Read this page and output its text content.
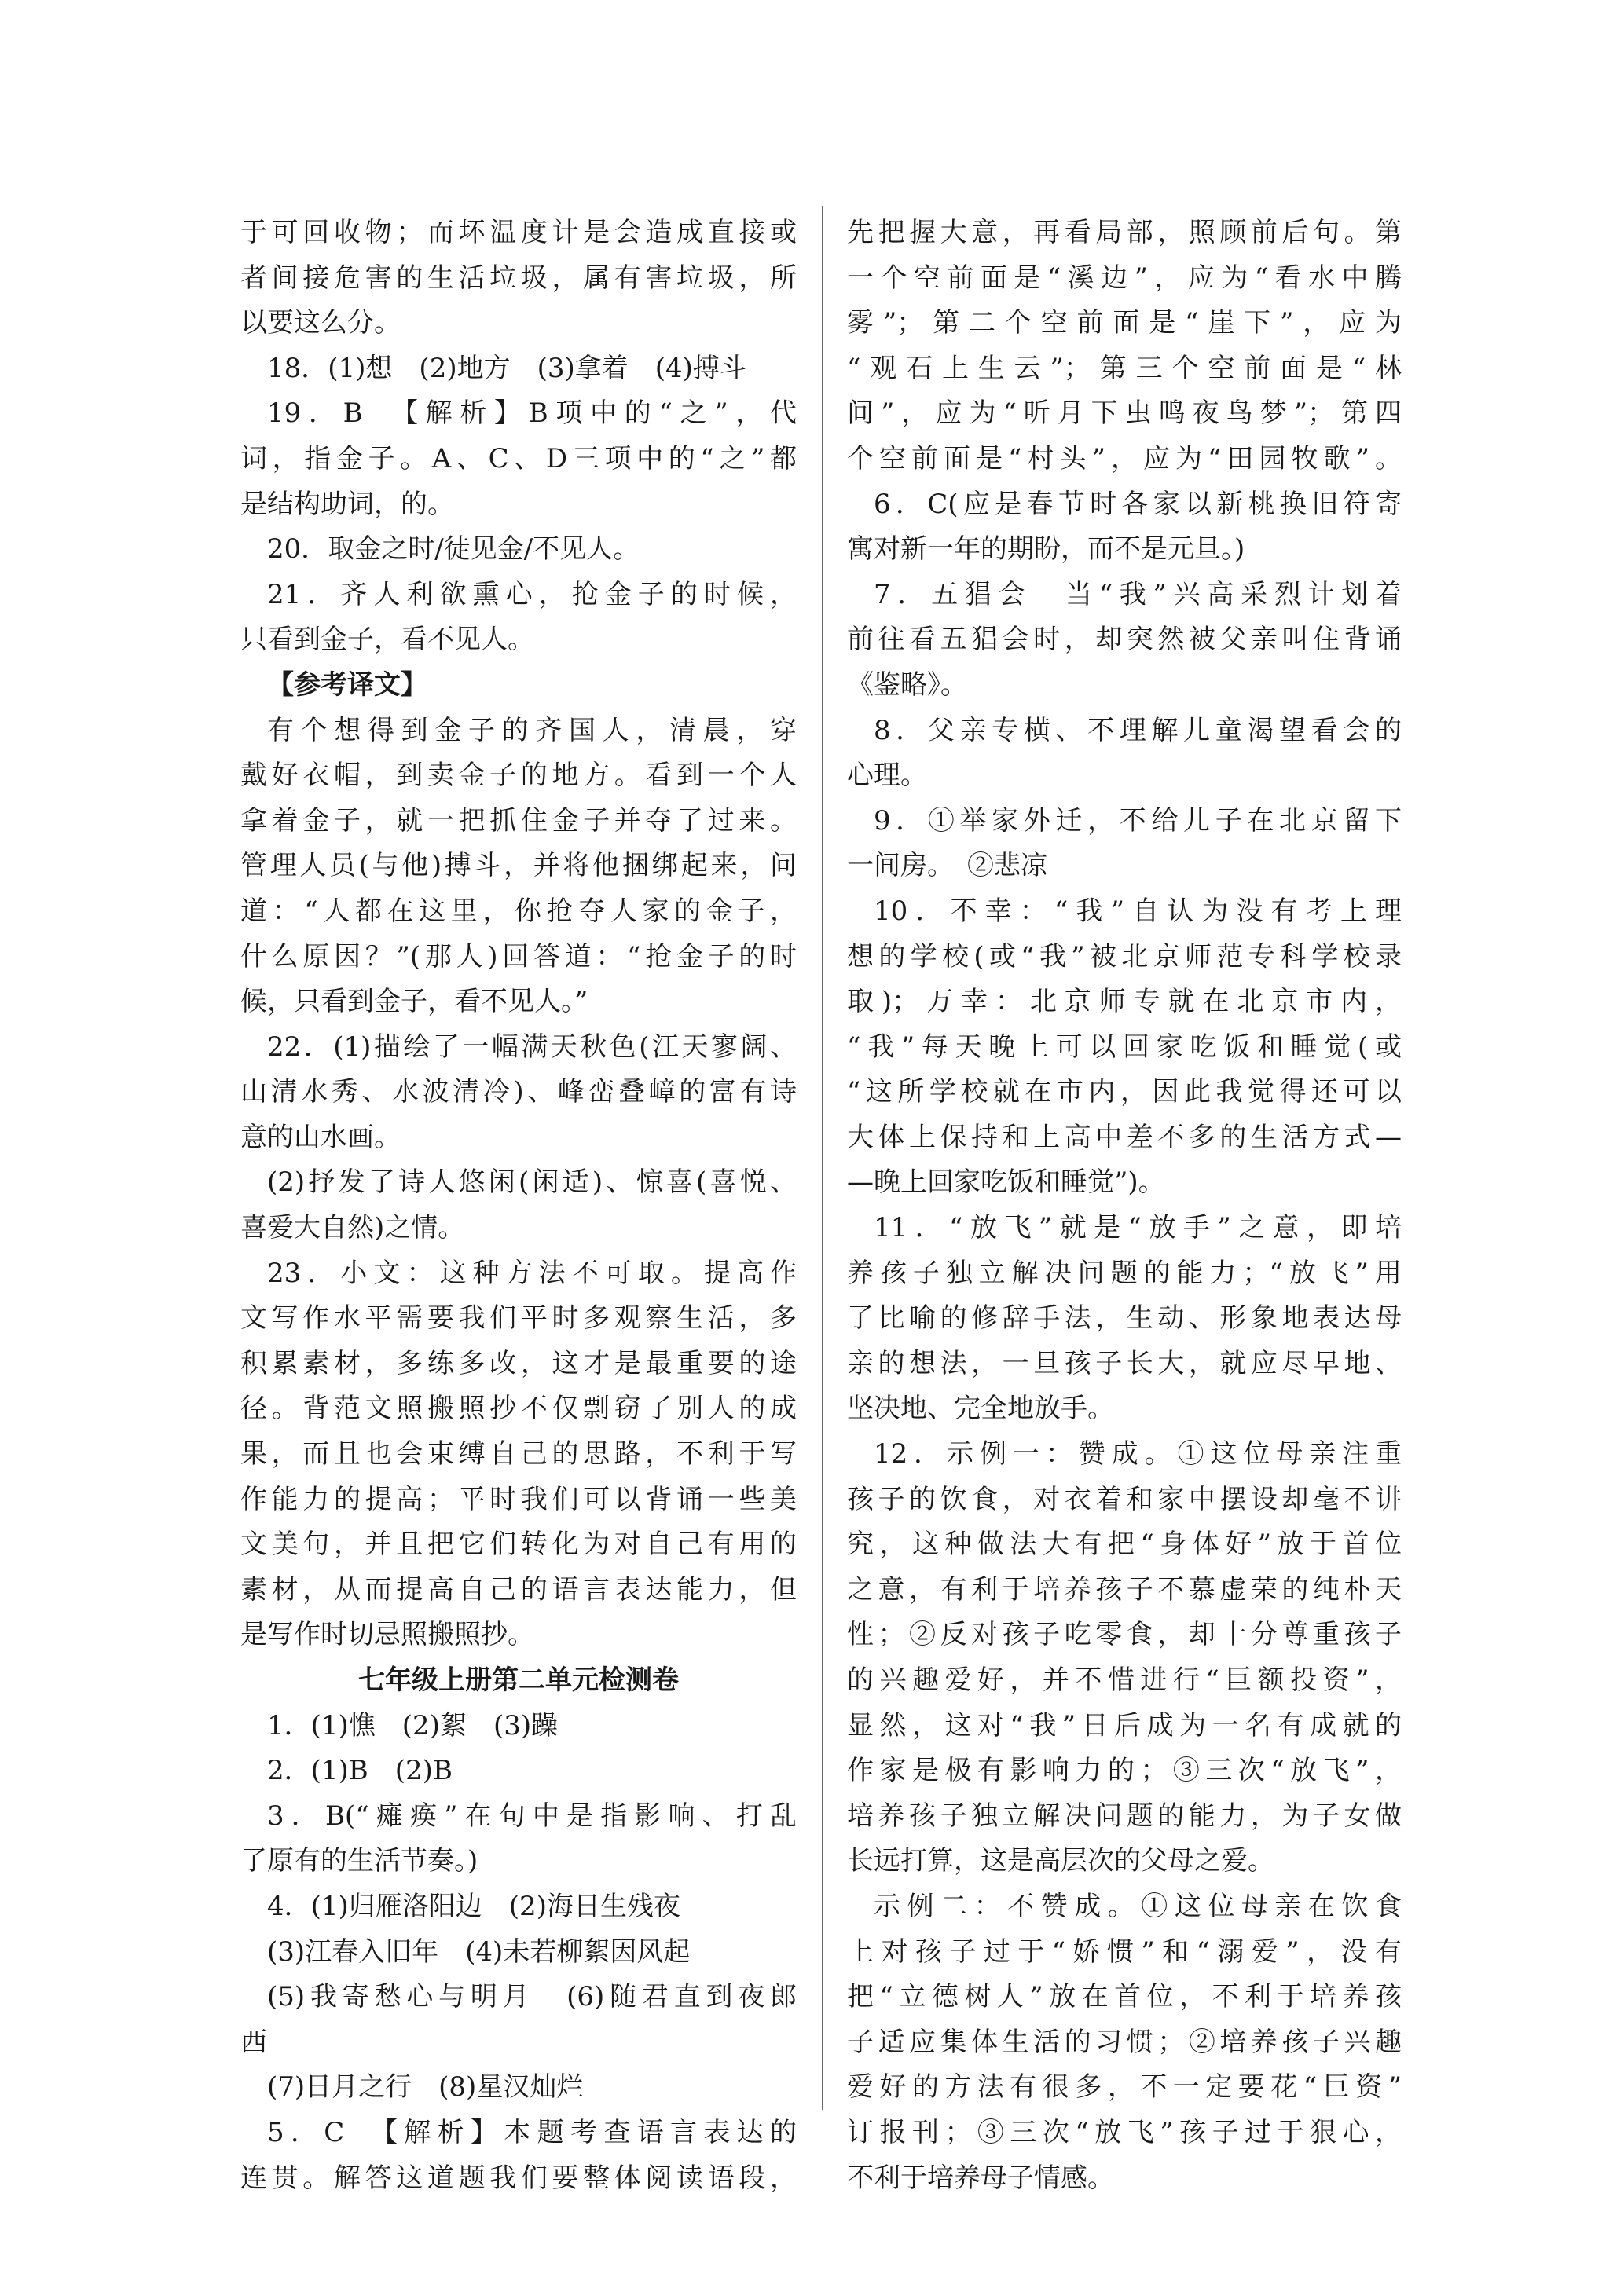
于可回收物；而坏温度计是会造成直接或
者间接危害的生活垃圾，属有害垃圾，所
以要这么分。
18．(1)想　(2)地方　(3)拿着　(4)搏斗
19．B　【解析】B项中的“之”，代
词，指金子。A、C、D三项中的“之”都
是结构助词，的。
20．取金之时/徒见金/不见人。
21．齐人利欲熏心，抢金子的时候，
只看到金子，看不见人。
【参考译文】
有个想得到金子的齐国人，清晨，穿
戴好衣帽，到卖金子的地方。看到一个人
拿着金子，就一把抓住金子并夺了过来。
管理人员(与他)搏斗，并将他捆绑起来，问
道：“人都在这里，你抢夺人家的金子，
什么原因？”(那人)回答道：“抢金子的时
候，只看到金子，看不见人。”
22．(1)描绘了一幅满天秋色(江天寥阔、
山清水秀、水波清冷)、峰峦叠嶂的富有诗
意的山水画。
(2)抒发了诗人悠闲(闲适)、惊喜(喜悦、
喜爱大自然)之情。
23．小文：这种方法不可取。提高作
文写作水平需要我们平时多观察生活，多
积累素材，多练多改，这才是最重要的途
径。背范文照搬照抄不仅剽窃了别人的成
果，而且也会束缚自己的思路，不利于写
作能力的提高；平时我们可以背诵一些美
文美句，并且把它们转化为对自己有用的
素材，从而提高自己的语言表达能力，但
是写作时切忌照搬照抄。
七年级上册第二单元检测卷
1．(1)憔　(2)絮　(3)躁
2．(1)B　(2)B
3．B(“瘫痪”在句中是指影响、打乱
了原有的生活节奏。)
4．(1)归雁洛阳边　(2)海日生残夜
(3)江春入旧年　(4)未若柳絮因风起
(5)我寄愁心与明月　(6)随君直到夜郎
西
(7)日月之行　(8)星汉灿烂
5．C　【解析】本题考查语言表达的
连贯。解答这道题我们要整体阅读语段，
先把握大意，再看局部，照顾前后句。第
一个空前面是“溪边”，应为“看水中腾
雾”；第二个空前面是“崖下”，应为
“观石上生云”；第三个空前面是“林
间”，应为“听月下虫鸣夜鸟梦”；第四
个空前面是“村头”，应为“田园牧歌”。
6．C(应是春节时各家以新桃换旧符寄
寓对新一年的期盼，而不是元旦。)
7．五猖会　当“我”兴高采烈计划着
前往看五猖会时，却突然被父亲叫住背诵
《鉴略》。
8．父亲专横、不理解儿童渴望看会的
心理。
9．①举家外迁，不给儿子在北京留下
一间房。　②悲凉
10．不幸：“我”自认为没有考上理
想的学校(或“我”被北京师范专科学校录
取)；万幸：北京师专就在北京市内，
“我”每天晚上可以回家吃饭和睡觉(或
“这所学校就在市内，因此我觉得还可以
大体上保持和上高中差不多的生活方式—
—晚上回家吃饭和睡觉”)。
11．“放飞”就是“放手”之意，即培
养孩子独立解决问题的能力；“放飞”用
了比喻的修辞手法，生动、形象地表达母
亲的想法，一旦孩子长大，就应尽早地、
坚决地、完全地放手。
12．示例一：赞成。①这位母亲注重
孩子的饮食，对衣着和家中摆设却毫不讲
究，这种做法大有把“身体好”放于首位
之意，有利于培养孩子不慕虚荣的纯朴天
性；②反对孩子吃零食，却十分尊重孩子
的兴趣爱好，并不惜进行“巨额投资”，
显然，这对“我”日后成为一名有成就的
作家是极有影响力的；③三次“放飞”，
培养孩子独立解决问题的能力，为子女做
长远打算，这是高层次的父母之爱。
示例二：不赞成。①这位母亲在饮食
上对孩子过于“娇惯”和“溺爱”，没有
把“立德树人”放在首位，不利于培养孩
子适应集体生活的习惯；②培养孩子兴趣
爱好的方法有很多，不一定要花“巨资”
订报刊；③三次“放飞”孩子过于狠心，
不利于培养母子情感。
